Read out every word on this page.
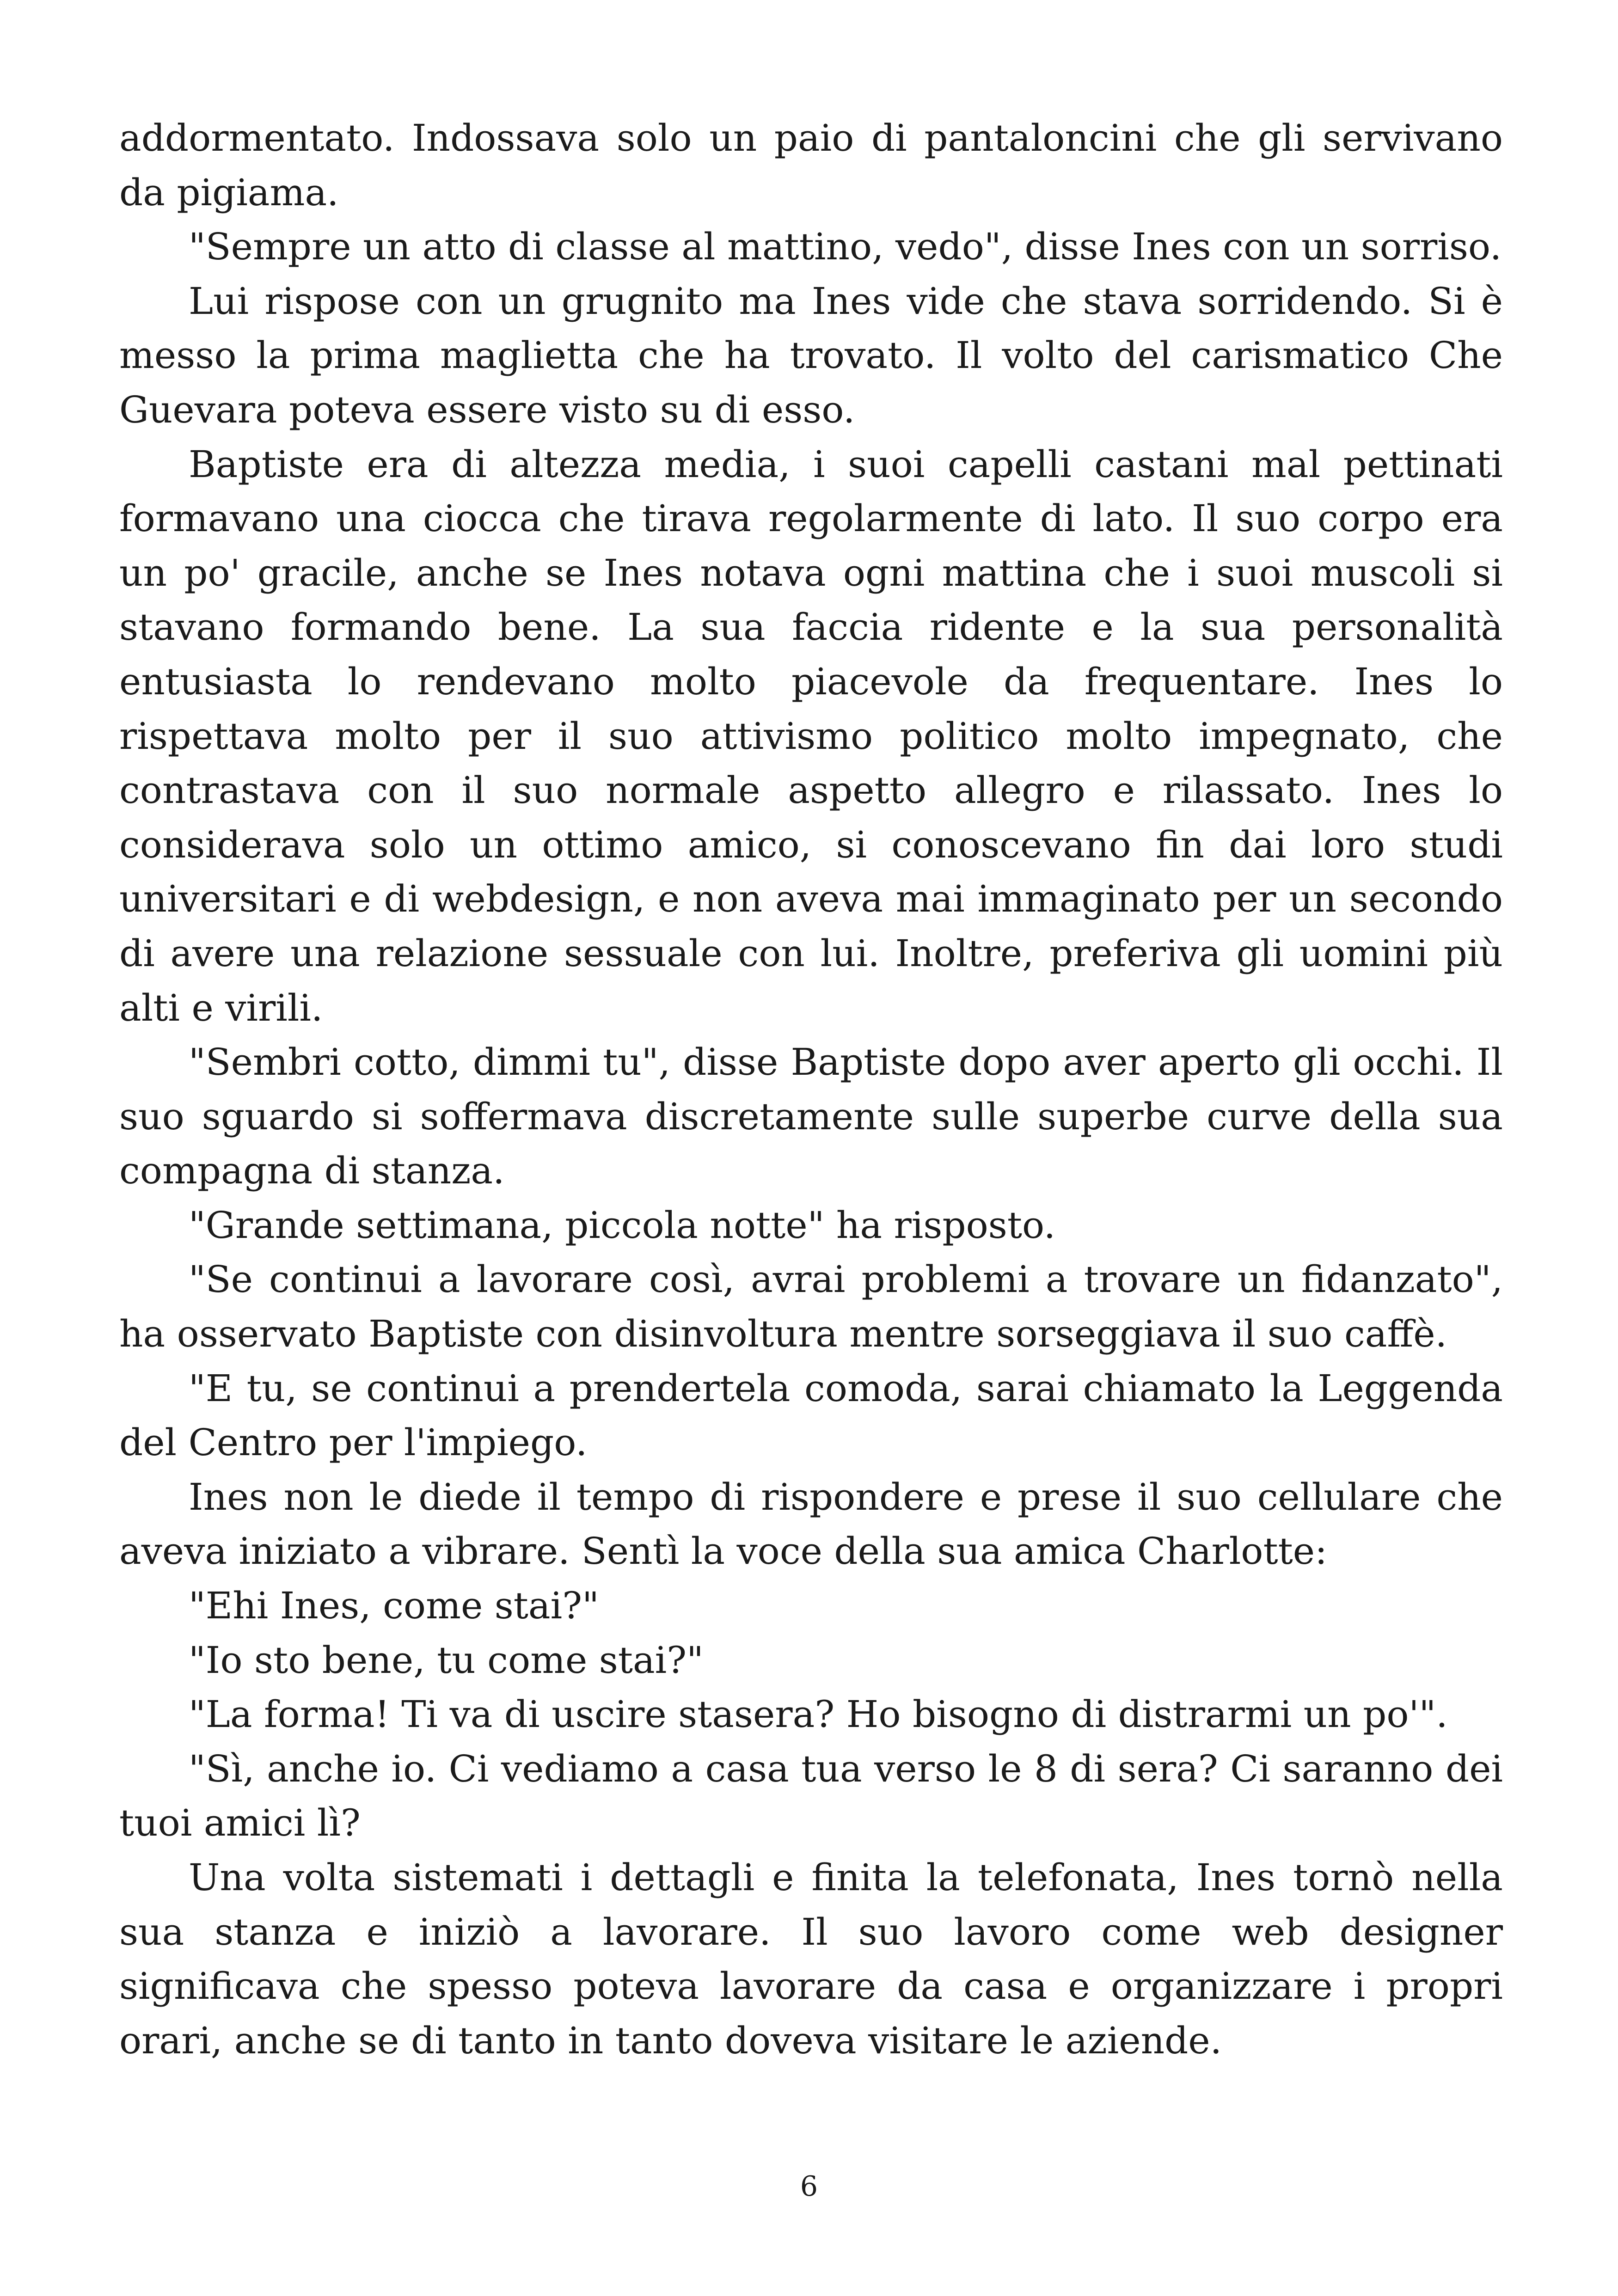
addormentato. Indossava solo un paio di pantaloncini che gli servivano da pigiama.

"Sempre un atto di classe al mattino, vedo", disse Ines con un sorriso.

Lui rispose con un grugnito ma Ines vide che stava sorridendo. Si è messo la prima maglietta che ha trovato. Il volto del carismatico Che Guevara poteva essere visto su di esso.

Baptiste era di altezza media, i suoi capelli castani mal pettinati formavano una ciocca che tirava regolarmente di lato. Il suo corpo era un po' gracile, anche se Ines notava ogni mattina che i suoi muscoli si stavano formando bene. La sua faccia ridente e la sua personalità entusiasta lo rendevano molto piacevole da frequentare. Ines lo rispettava molto per il suo attivismo politico molto impegnato, che contrastava con il suo normale aspetto allegro e rilassato. Ines lo considerava solo un ottimo amico, si conoscevano fin dai loro studi universitari e di webdesign, e non aveva mai immaginato per un secondo di avere una relazione sessuale con lui. Inoltre, preferiva gli uomini più alti e virili.

"Sembri cotto, dimmi tu", disse Baptiste dopo aver aperto gli occhi. Il suo sguardo si soffermava discretamente sulle superbe curve della sua compagna di stanza.

"Grande settimana, piccola notte" ha risposto.

"Se continui a lavorare così, avrai problemi a trovare un fidanzato", ha osservato Baptiste con disinvoltura mentre sorseggiava il suo caffè.

"E tu, se continui a prendertela comoda, sarai chiamato la Leggenda del Centro per l'impiego.

Ines non le diede il tempo di rispondere e prese il suo cellulare che aveva iniziato a vibrare. Sentì la voce della sua amica Charlotte:

"Ehi Ines, come stai?"

"Io sto bene, tu come stai?"

"La forma! Ti va di uscire stasera? Ho bisogno di distrarmi un po'".

"Sì, anche io. Ci vediamo a casa tua verso le 8 di sera? Ci saranno dei tuoi amici lì?

Una volta sistemati i dettagli e finita la telefonata, Ines tornò nella sua stanza e iniziò a lavorare. Il suo lavoro come web designer significava che spesso poteva lavorare da casa e organizzare i propri orari, anche se di tanto in tanto doveva visitare le aziende.

6
